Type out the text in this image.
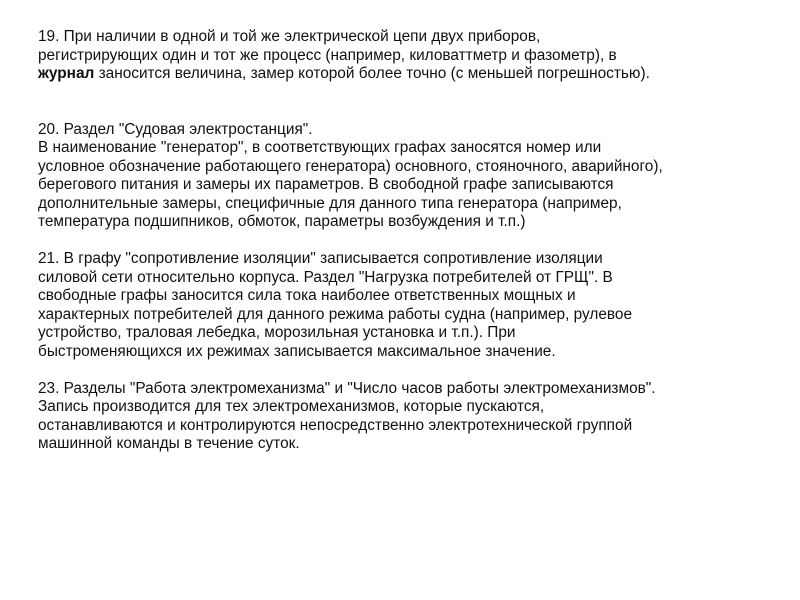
19. При наличии в одной и той же электрической цепи двух приборов,
регистрирующих один и тот же процесс (например, киловаттметр и фазометр), в
журнал заносится величина, замер которой более точно (с меньшей погрешностью).
20. Раздел "Судовая электростанция".
В наименование "генератор", в соответствующих графах заносятся номер или
условное обозначение работающего генератора) основного, стояночного, аварийного),
берегового питания и замеры их параметров. В свободной графе записываются
дополнительные замеры, специфичные для данного типа генератора (например,
температура подшипников, обмоток, параметры возбуждения и т.п.)
21. В графу "сопротивление изоляции" записывается сопротивление изоляции
силовой сети относительно корпуса. Раздел "Нагрузка потребителей от ГРЩ". В
свободные графы заносится сила тока наиболее ответственных мощных и
характерных потребителей для данного режима работы судна (например, рулевое
устройство, траловая лебедка, морозильная установка и т.п.). При
быстроменяющихся их режимах записывается максимальное значение.
23. Разделы "Работа электромеханизма" и "Число часов работы электромеханизмов".
Запись производится для тех электромеханизмов, которые пускаются,
останавливаются и контролируются непосредственно электротехнической группой
машинной команды в течение суток.
